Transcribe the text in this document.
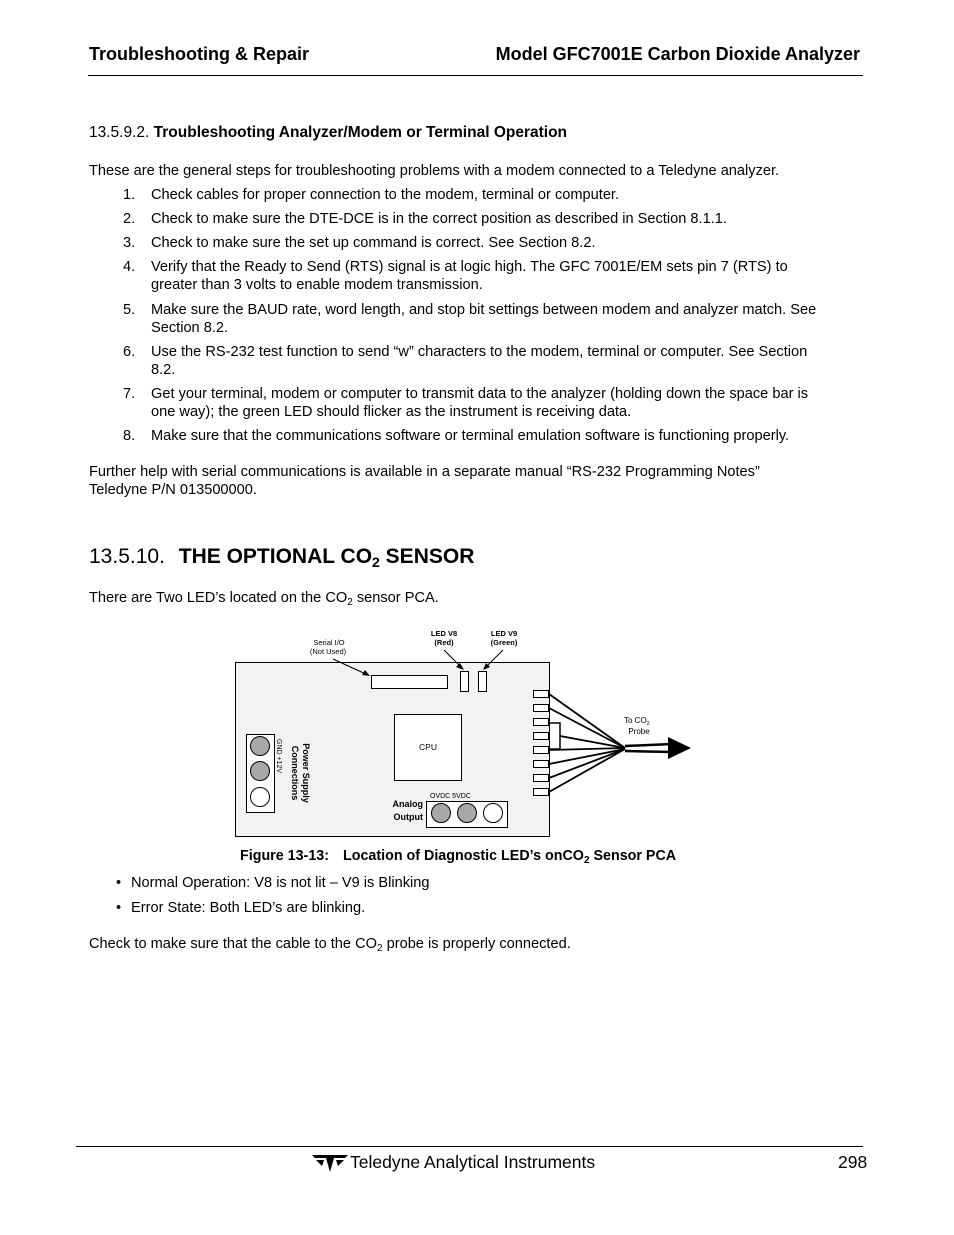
Troubleshooting & Repair	Model GFC7001E Carbon Dioxide Analyzer
13.5.9.2. Troubleshooting Analyzer/Modem or Terminal Operation
These are the general steps for troubleshooting problems with a modem connected to a Teledyne analyzer.
1.	Check cables for proper connection to the modem, terminal or computer.
2.	Check to make sure the DTE-DCE is in the correct position as described in Section 8.1.1.
3.	Check to make sure the set up command is correct. See Section 8.2.
4.	Verify that the Ready to Send (RTS) signal is at logic high. The GFC 7001E/EM sets pin 7 (RTS) to
greater than 3 volts to enable modem transmission.
5.	Make sure the BAUD rate, word length, and stop bit settings between modem and analyzer match. See
Section 8.2.
6.	Use the RS-232 test function to send “w” characters to the modem, terminal or computer. See Section
8.2.
7.	Get your terminal, modem or computer to transmit data to the analyzer (holding down the space bar is
one way); the green LED should flicker as the instrument is receiving data.
8.	Make sure that the communications software or terminal emulation software is functioning properly.
Further help with serial communications is available in a separate manual “RS-232 Programming Notes”
Teledyne P/N 013500000.
13.5.10. THE OPTIONAL CO2 SENSOR
There are Two LED’s located on the $CO_2$ sensor PCA.
Serial I/O
(Not Used)
LED V8
(Red)
LED V9
(Green)
CPU
To $CO_2$
Probe
GND +12V Power Supply
Connections	OVDC 5VDC
Analog
Output
Figure 13-13: Location of Diagnostic LED’s onCO$_2$ Sensor PCA
• Normal Operation: V8 is not lit – V9 is Blinking
• Error State: Both LED’s are blinking.
Check to make sure that the cable to the $CO_2$ probe is properly connected.
Teledyne Analytical Instruments	298
